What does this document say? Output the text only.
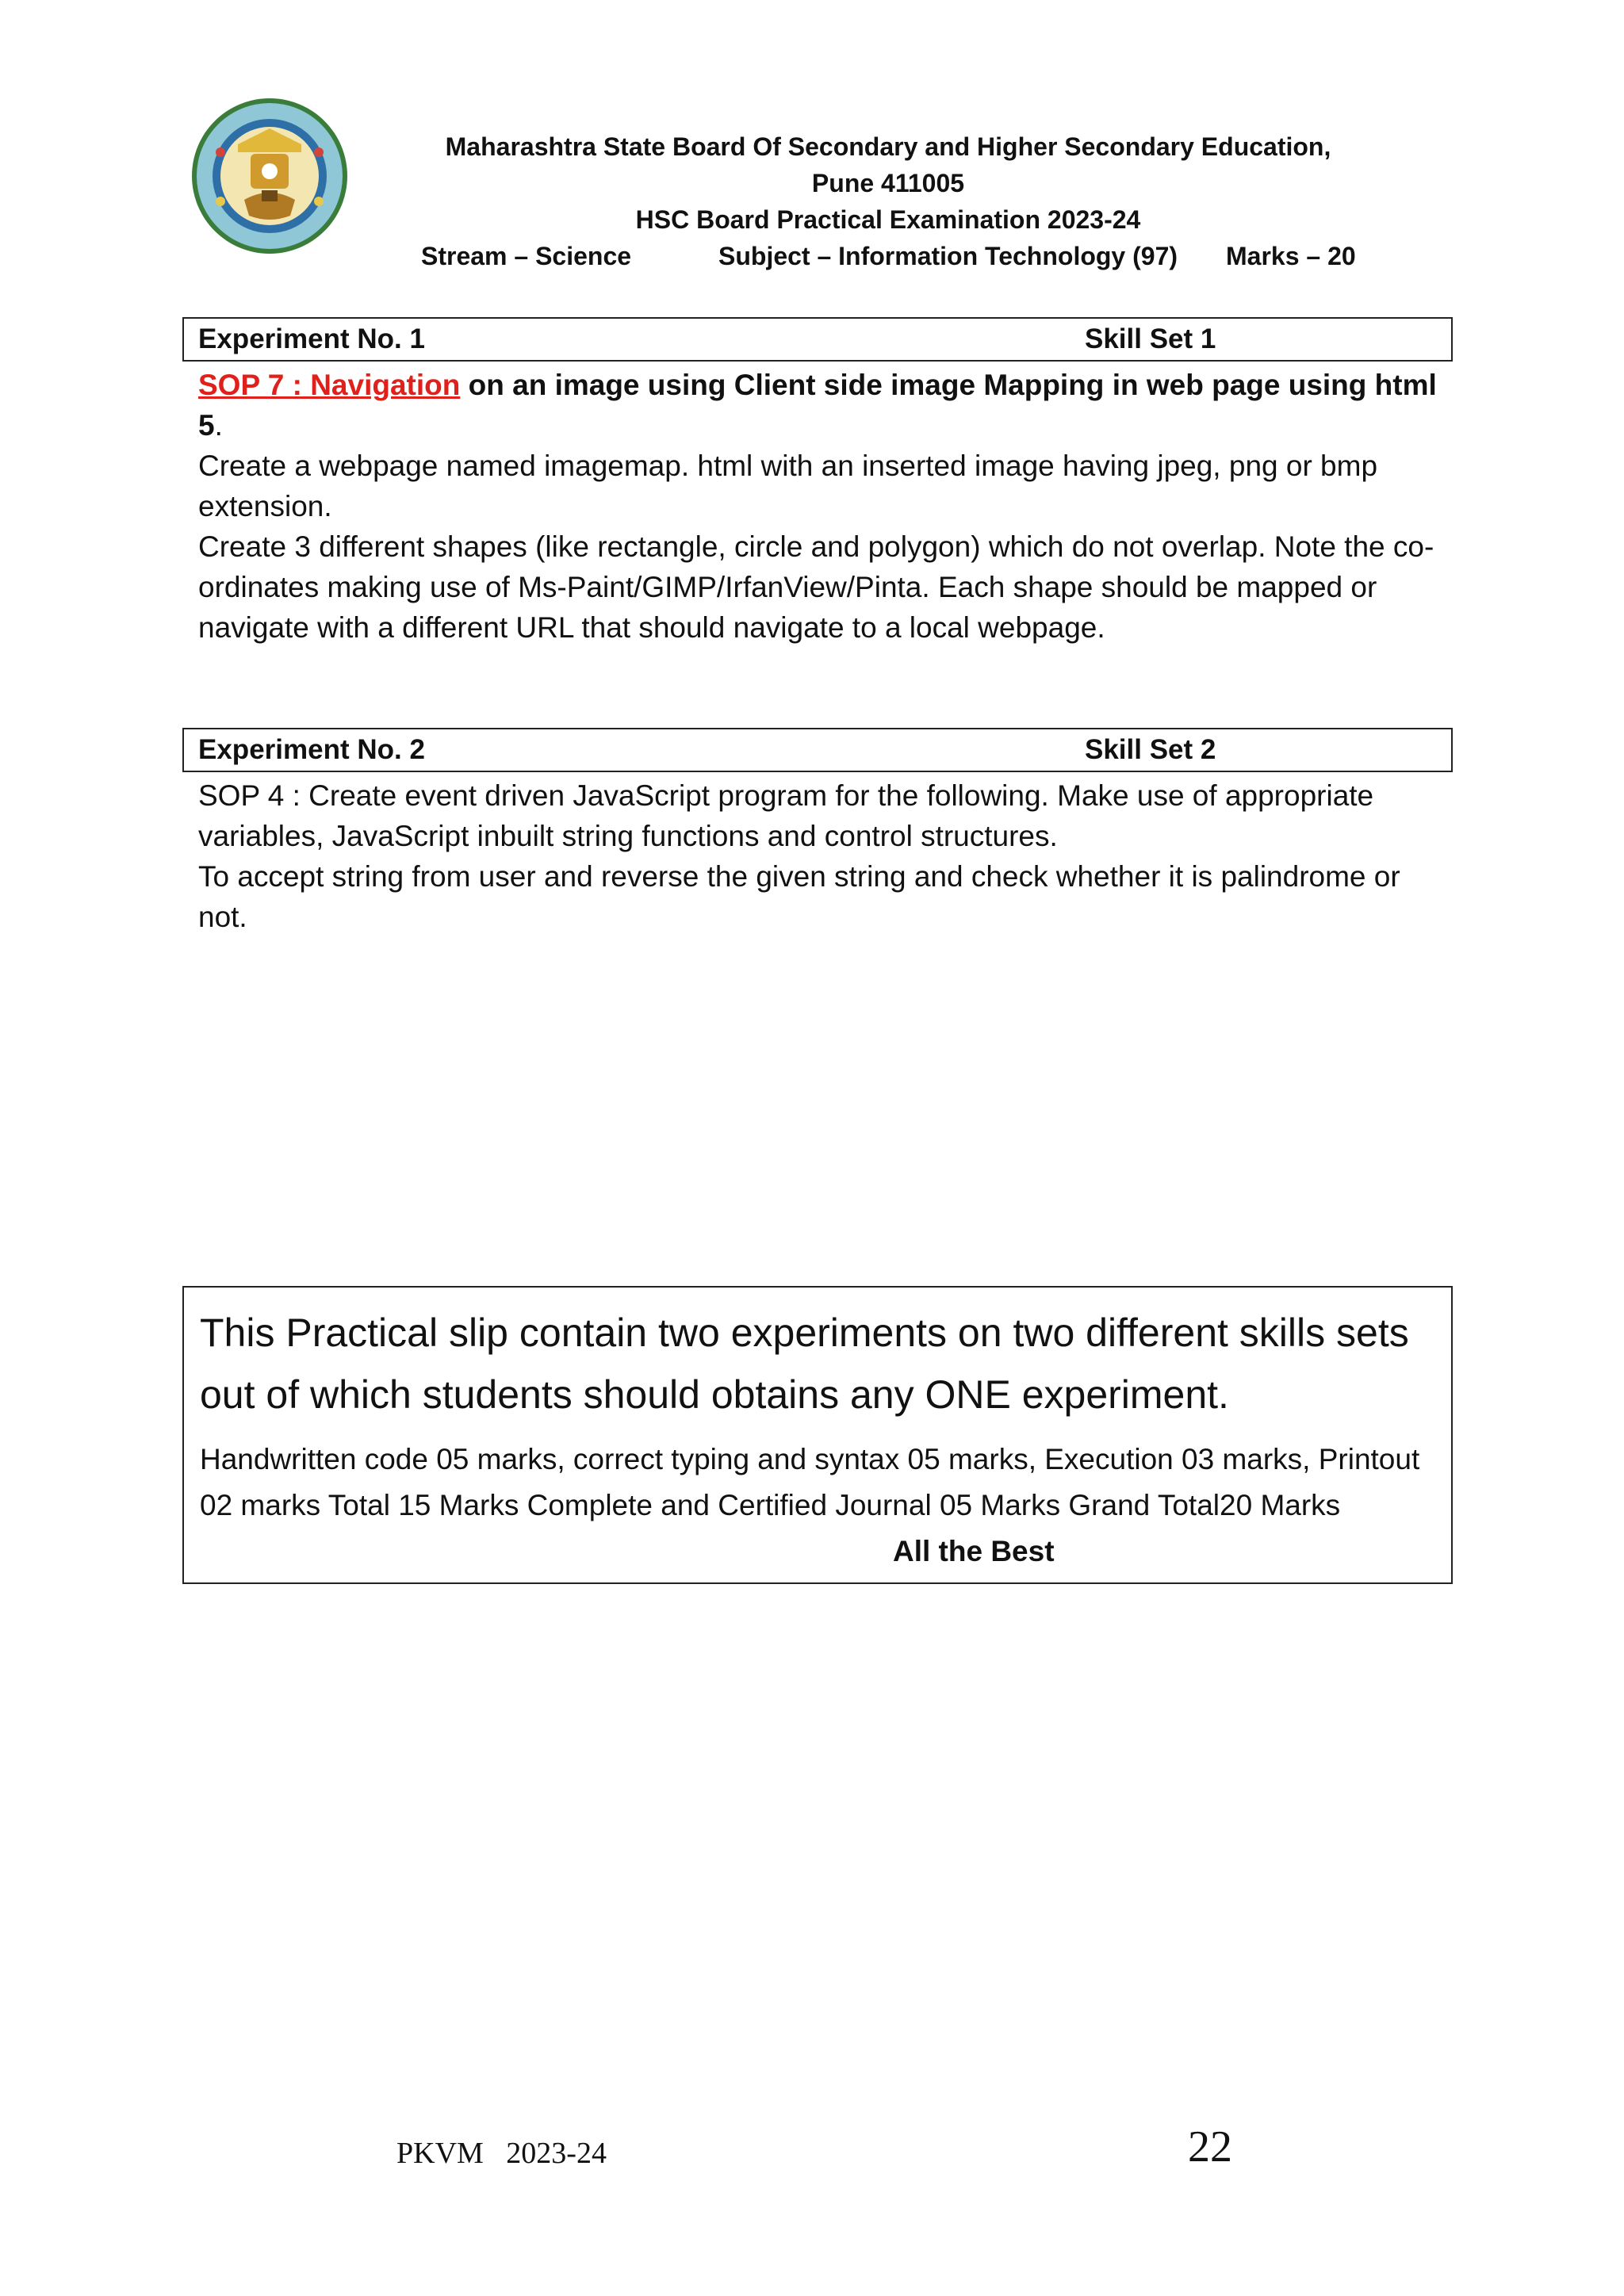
Maharashtra State Board Of Secondary and Higher Secondary Education,
Pune 411005
HSC Board Practical Examination 2023-24
Stream – Science	Subject – Information Technology (97) Marks – 20
Experiment No. 1	Skill Set 1
SOP 7 : Navigation on an image using Client side image Mapping in web page using html 5.
Create a webpage named imagemap. html with an inserted image having jpeg, png or bmp extension.
Create 3 different shapes (like rectangle, circle and polygon) which do not overlap. Note the co-ordinates making use of Ms-Paint/GIMP/IrfanView/Pinta. Each shape should be mapped or navigate with a different URL that should navigate to a local webpage.
Experiment No. 2	Skill Set 2
SOP 4 : Create event driven JavaScript program for the following. Make use of appropriate variables, JavaScript inbuilt string functions and control structures.
To accept string from user and reverse the given string and check whether it is palindrome or not.
This Practical slip contain two experiments on two different skills sets out of which students should obtains any ONE experiment.
Handwritten code 05 marks, correct typing and syntax 05 marks, Execution 03 marks, Printout 02 marks Total 15 Marks Complete and Certified Journal 05 Marks Grand Total20 Marks
All the Best
PKVM   2023-24	22
